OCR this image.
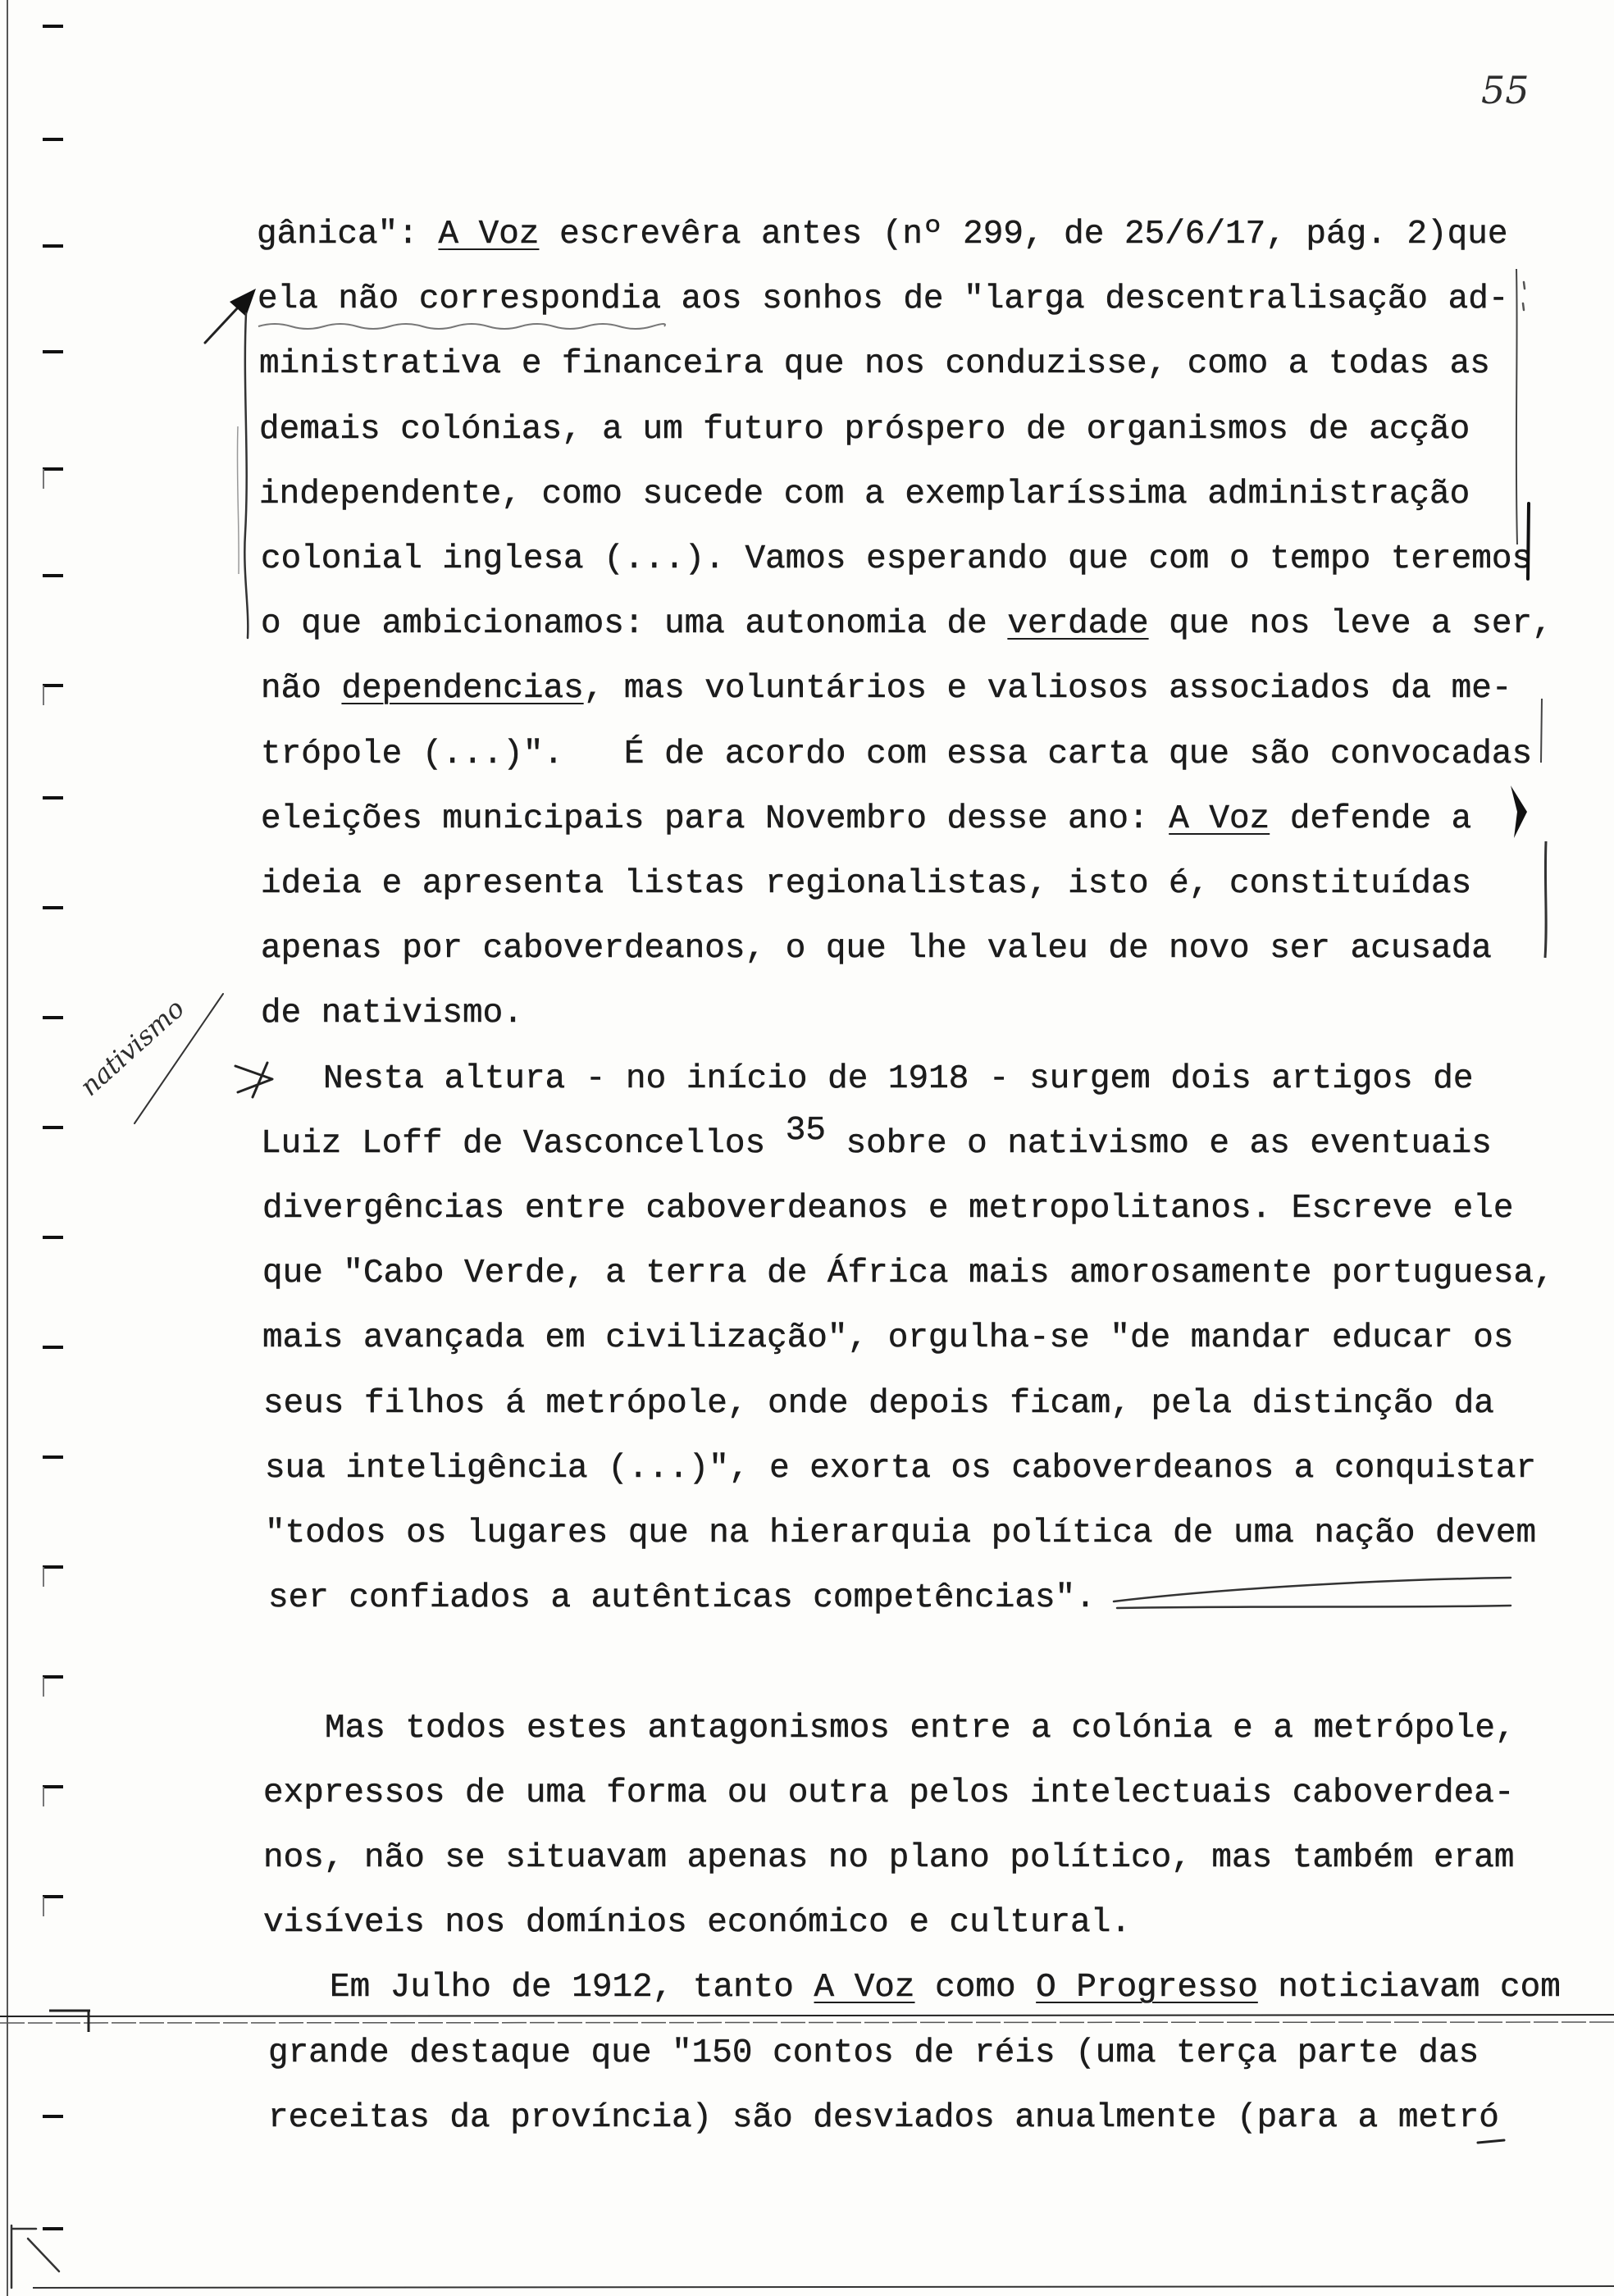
gânica": A Voz escrevêra antes (nº 299, de 25/6/17, pág. 2)que
ela não correspondia aos sonhos de "larga descentralisação ad-
ministrativa e financeira que nos conduzisse, como a todas as
demais colónias, a um futuro próspero de organismos de acção
independente, como sucede com a exemplaríssima administração
colonial inglesa (...). Vamos esperando que com o tempo teremos
o que ambicionamos: uma autonomia de verdade que nos leve a ser,
não dependencias, mas voluntários e valiosos associados da me-
trópole (...)".   É de acordo com essa carta que são convocadas
eleições municipais para Novembro desse ano: A Voz defende a
ideia e apresenta listas regionalistas, isto é, constituídas
apenas por caboverdeanos, o que lhe valeu de novo ser acusada
de nativismo.
Nesta altura - no início de 1918 - surgem dois artigos de
Luiz Loff de Vasconcellos 35 sobre o nativismo e as eventuais
divergências entre caboverdeanos e metropolitanos. Escreve ele
que "Cabo Verde, a terra de África mais amorosamente portuguesa,
mais avançada em civilização", orgulha-se "de mandar educar os
seus filhos á metrópole, onde depois ficam, pela distinção da
sua inteligência (...)", e exorta os caboverdeanos a conquistar
"todos os lugares que na hierarquia política de uma nação devem
ser confiados a autênticas competências".
Mas todos estes antagonismos entre a colónia e a metrópole,
expressos de uma forma ou outra pelos intelectuais caboverdea-
nos, não se situavam apenas no plano político, mas também eram
visíveis nos domínios económico e cultural.
Em Julho de 1912, tanto A Voz como O Progresso noticiavam com
grande destaque que "150 contos de réis (uma terça parte das
receitas da província) são desviados anualmente (para a metró
55
nativismo
